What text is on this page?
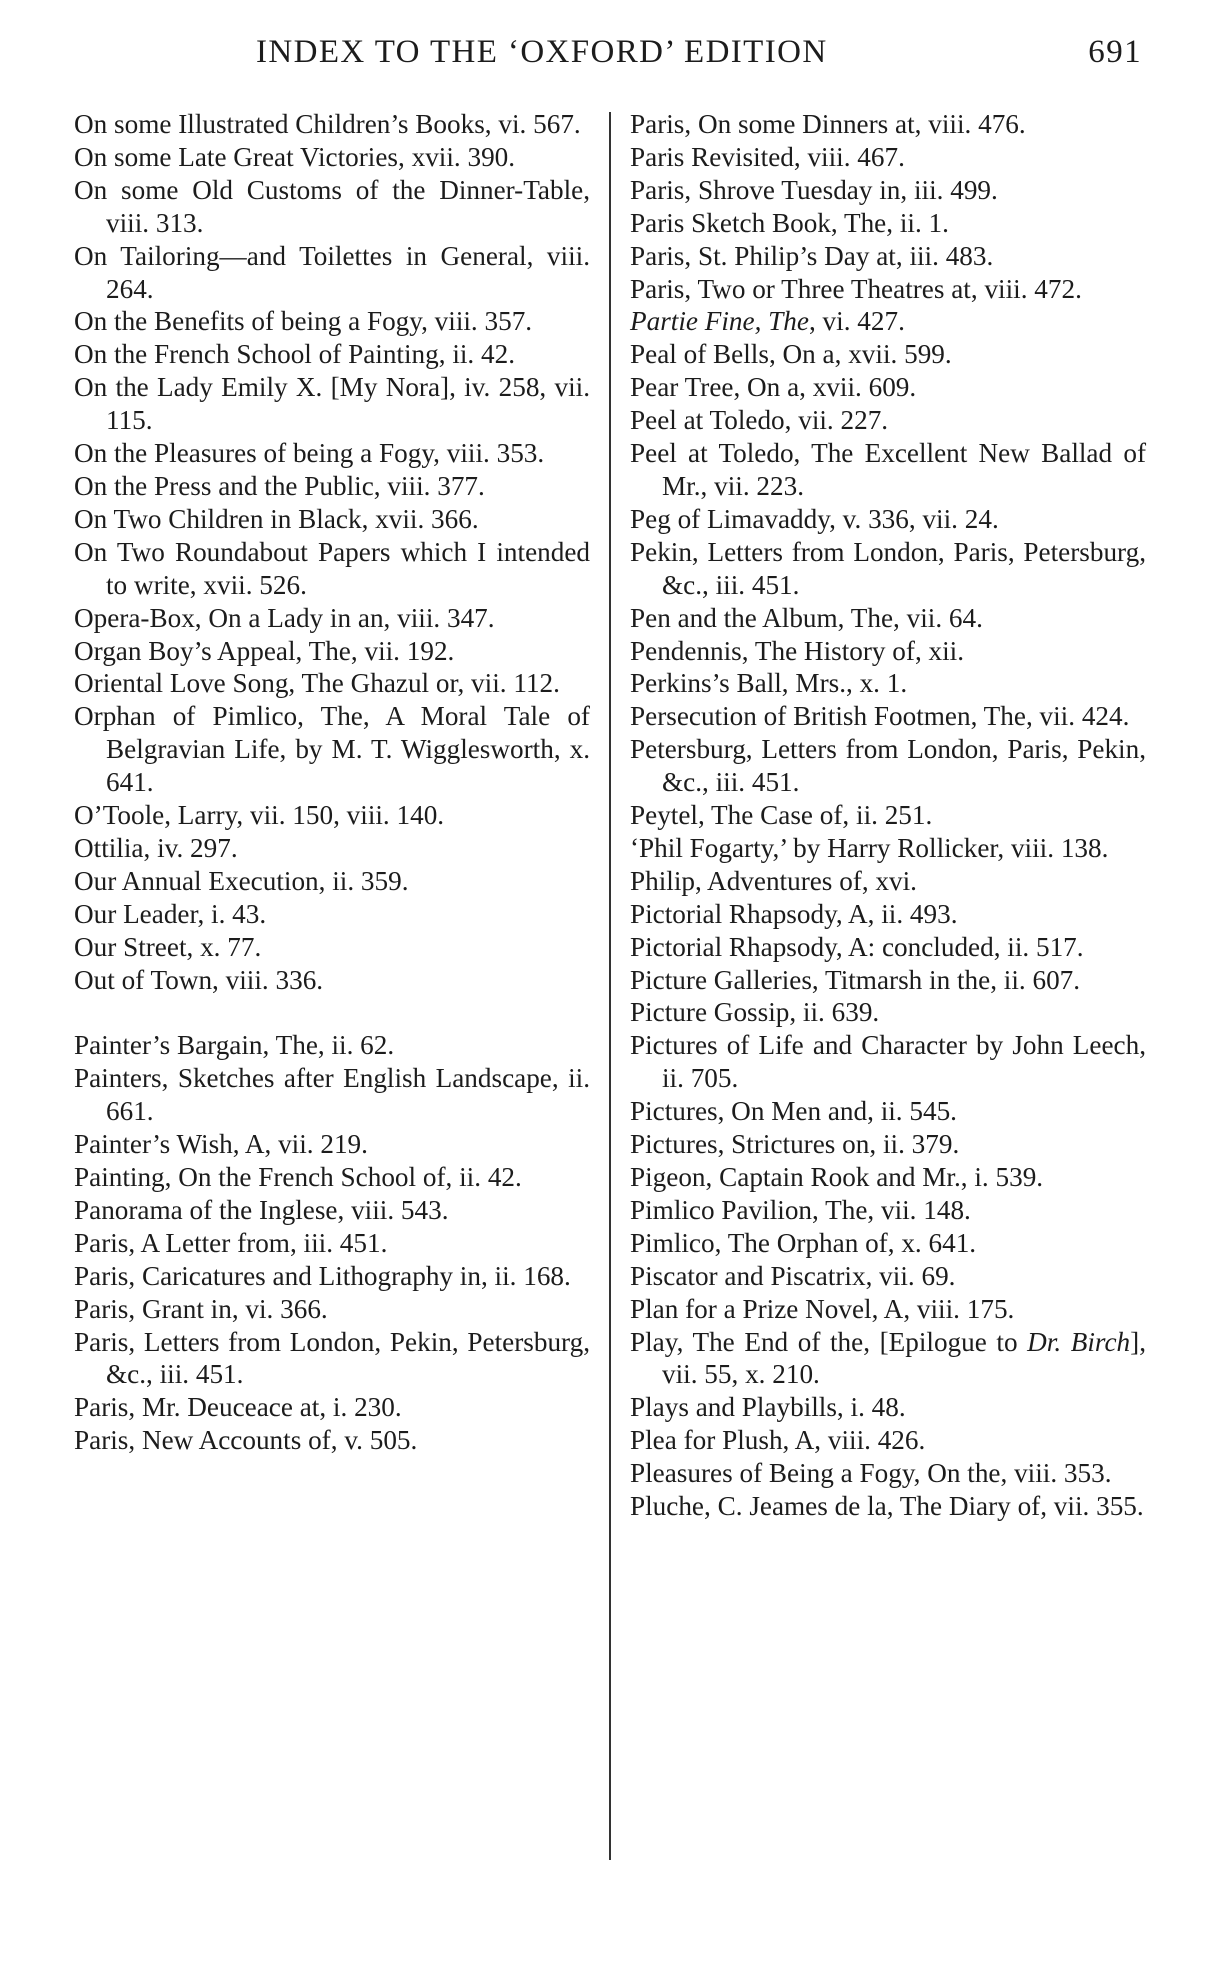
INDEX TO THE ‘OXFORD’ EDITION	691
On some Illustrated Children’s Books, vi. 567.
On some Late Great Victories, xvii. 390.
On some Old Customs of the Dinner-Table, viii. 313.
On Tailoring—and Toilettes in General, viii. 264.
On the Benefits of being a Fogy, viii. 357.
On the French School of Painting, ii. 42.
On the Lady Emily X. [My Nora], iv. 258, vii. 115.
On the Pleasures of being a Fogy, viii. 353.
On the Press and the Public, viii. 377.
On Two Children in Black, xvii. 366.
On Two Roundabout Papers which I intended to write, xvii. 526.
Opera-Box, On a Lady in an, viii. 347.
Organ Boy’s Appeal, The, vii. 192.
Oriental Love Song, The Ghazul or, vii. 112.
Orphan of Pimlico, The, A Moral Tale of Belgravian Life, by M. T. Wigglesworth, x. 641.
O’Toole, Larry, vii. 150, viii. 140.
Ottilia, iv. 297.
Our Annual Execution, ii. 359.
Our Leader, i. 43.
Our Street, x. 77.
Out of Town, viii. 336.
Painter’s Bargain, The, ii. 62.
Painters, Sketches after English Landscape, ii. 661.
Painter’s Wish, A, vii. 219.
Painting, On the French School of, ii. 42.
Panorama of the Inglese, viii. 543.
Paris, A Letter from, iii. 451.
Paris, Caricatures and Lithography in, ii. 168.
Paris, Grant in, vi. 366.
Paris, Letters from London, Pekin, Petersburg, &c., iii. 451.
Paris, Mr. Deuceace at, i. 230.
Paris, New Accounts of, v. 505.
Paris, On some Dinners at, viii. 476.
Paris Revisited, viii. 467.
Paris, Shrove Tuesday in, iii. 499.
Paris Sketch Book, The, ii. 1.
Paris, St. Philip’s Day at, iii. 483.
Paris, Two or Three Theatres at, viii. 472.
Partie Fine, The, vi. 427.
Peal of Bells, On a, xvii. 599.
Pear Tree, On a, xvii. 609.
Peel at Toledo, vii. 227.
Peel at Toledo, The Excellent New Ballad of Mr., vii. 223.
Peg of Limavaddy, v. 336, vii. 24.
Pekin, Letters from London, Paris, Petersburg, &c., iii. 451.
Pen and the Album, The, vii. 64.
Pendennis, The History of, xii.
Perkins’s Ball, Mrs., x. 1.
Persecution of British Footmen, The, vii. 424.
Petersburg, Letters from London, Paris, Pekin, &c., iii. 451.
Peytel, The Case of, ii. 251.
‘Phil Fogarty,’ by Harry Rollicker, viii. 138.
Philip, Adventures of, xvi.
Pictorial Rhapsody, A, ii. 493.
Pictorial Rhapsody, A: concluded, ii. 517.
Picture Galleries, Titmarsh in the, ii. 607.
Picture Gossip, ii. 639.
Pictures of Life and Character by John Leech, ii. 705.
Pictures, On Men and, ii. 545.
Pictures, Strictures on, ii. 379.
Pigeon, Captain Rook and Mr., i. 539.
Pimlico Pavilion, The, vii. 148.
Pimlico, The Orphan of, x. 641.
Piscator and Piscatrix, vii. 69.
Plan for a Prize Novel, A, viii. 175.
Play, The End of the, [Epilogue to Dr. Birch], vii. 55, x. 210.
Plays and Playbills, i. 48.
Plea for Plush, A, viii. 426.
Pleasures of Being a Fogy, On the, viii. 353.
Pluche, C. Jeames de la, The Diary of, vii. 355.
